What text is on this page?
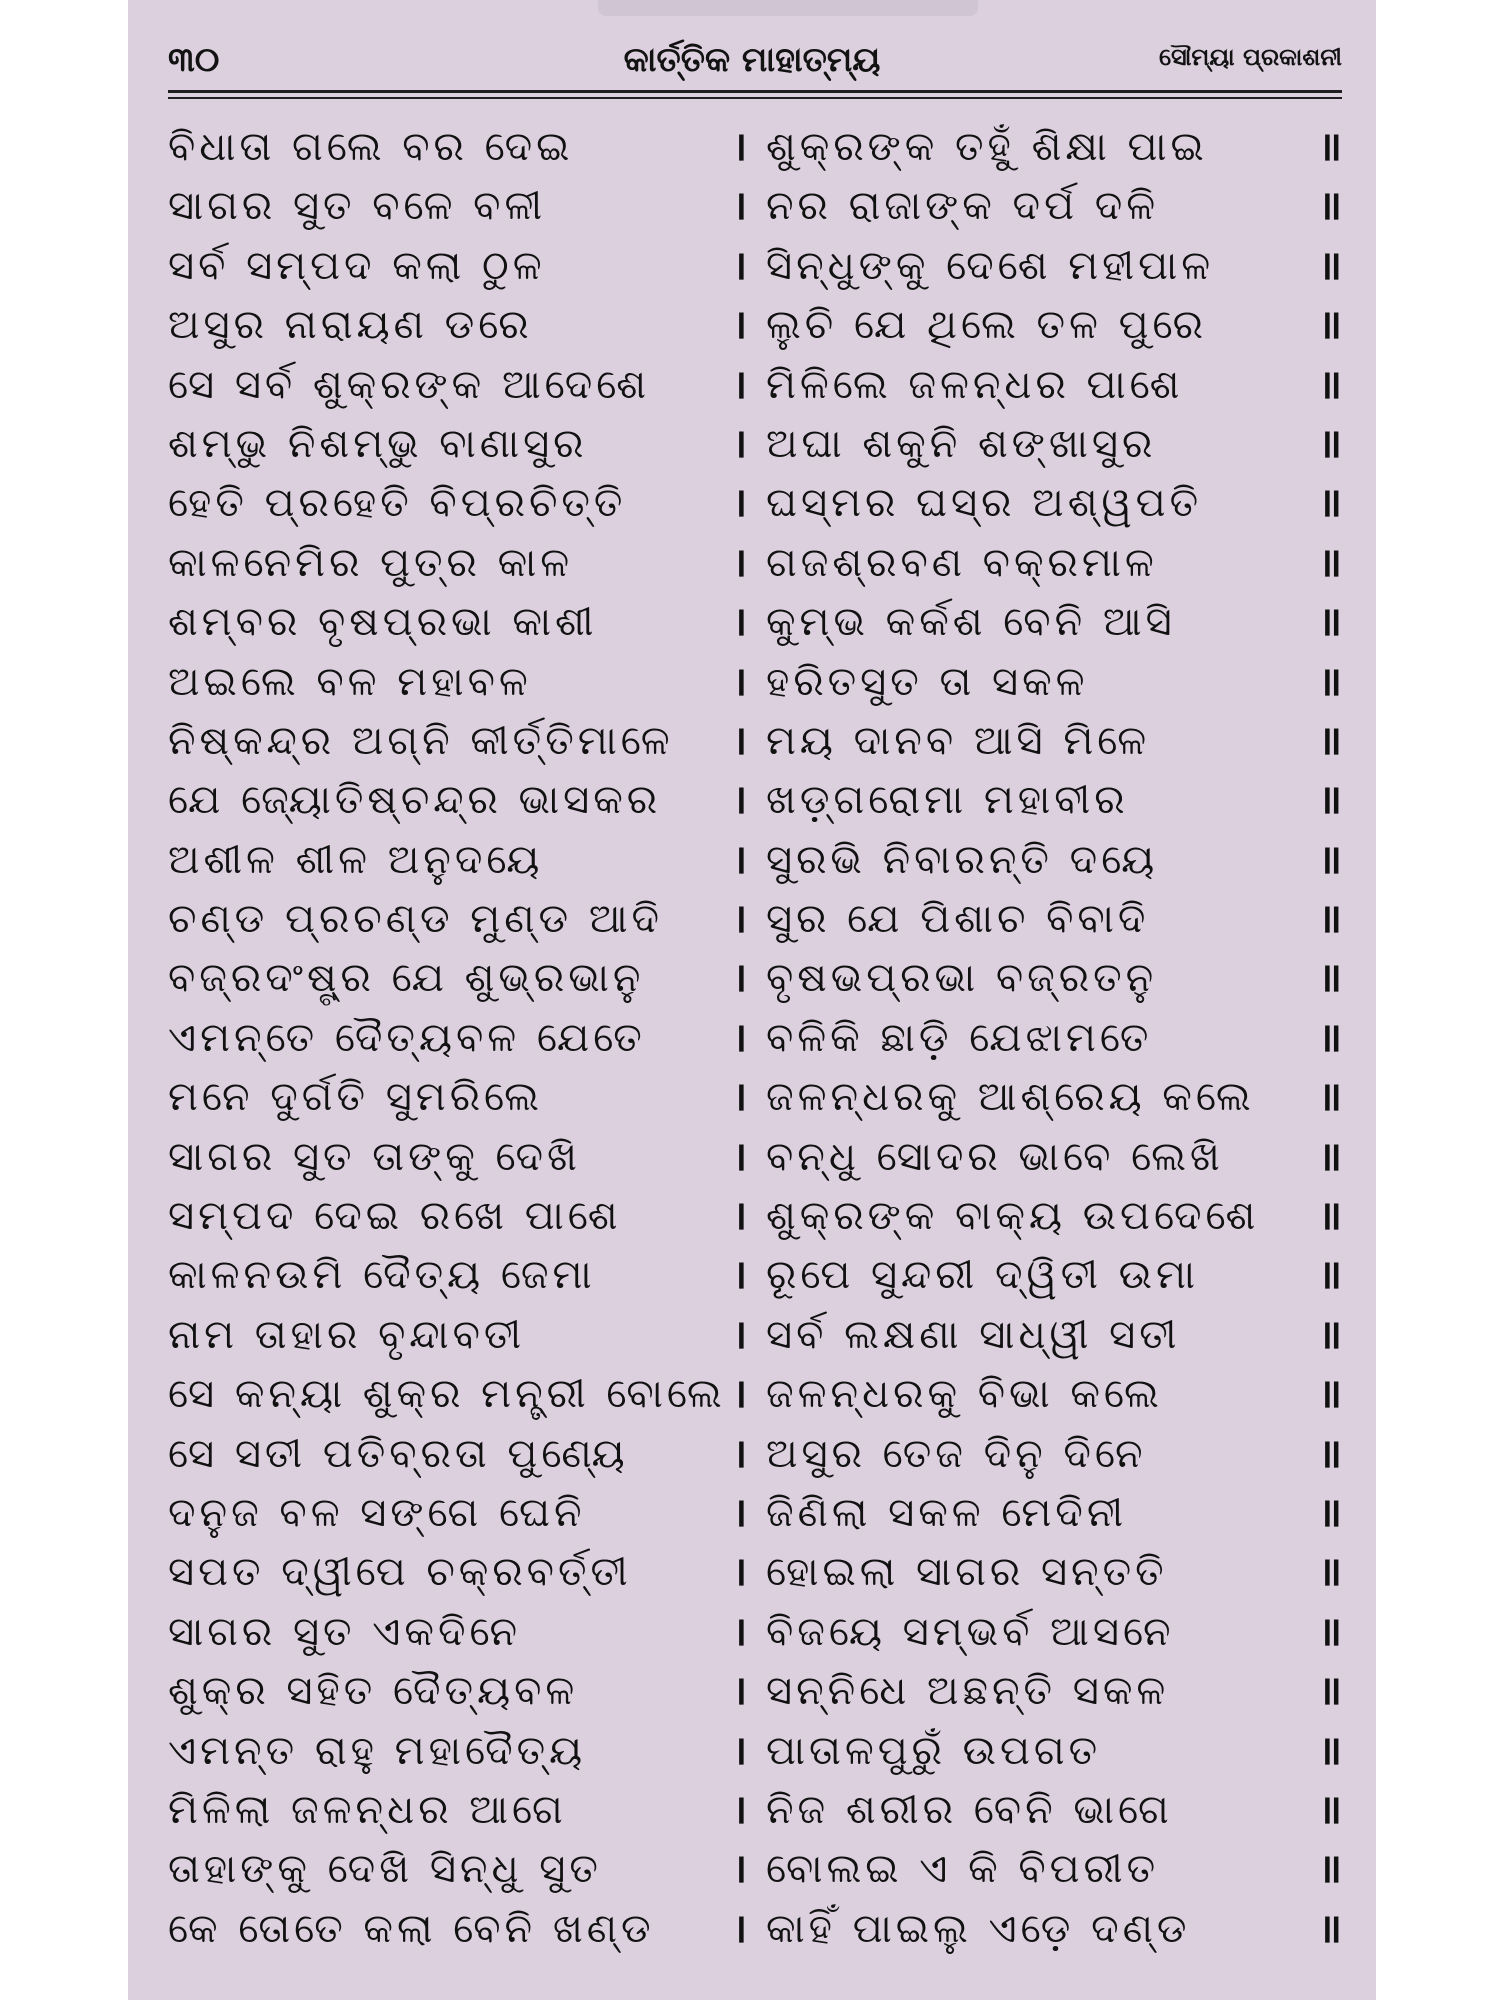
୩୦	କାର୍ତ୍ତିକ ମାହାତ୍ମ୍ୟ	ସୌମ୍ୟା ପ୍ରକାଶନୀ
ବିଧାତା ଗଲେ ବର ଦେଇ	। ଶୁକ୍ରଙ୍କ ତହୁଁ ଶିକ୍ଷା ପାଇ	॥
ସାଗର ସୁତ ବଳେ ବଳୀ	। ନର ରାଜାଙ୍କ ଦର୍ପ ଦଳି	॥
ସର୍ବ ସମ୍ପଦ କଲା ଠୁଳ	। ସିନ୍ଧୁଙ୍କୁ ଦେଶେ ମହୀପାଳ	॥
ଅସୁର ନାରାୟଣ ଡରେ	। ଲୁଚି ଯେ ଥିଲେ ତଳ ପୁରେ	॥
ସେ ସର୍ବ ଶୁକ୍ରଙ୍କ ଆଦେଶେ	। ମିଳିଲେ ଜଳନ୍ଧର ପାଶେ	॥
ଶମ୍ଭୁ ନିଶମ୍ଭୁ ବାଣାସୁର	। ଅଘା ଶକୁନି ଶଙ୍ଖାସୁର	॥
ହେତି ପ୍ରହେତି ବିପ୍ରଚିତ୍ତି	। ଘସ୍ମର ଘସ୍ର ଅଶ୍ୱପତି	॥
କାଳନେମିର ପୁତ୍ର କାଳ	। ଗଜଶ୍ରବଣ ବକ୍ରମାଳ	॥
ଶମ୍ବର ବୃଷପ୍ରଭା କାଶୀ	। କୁମ୍ଭ କର୍କଶ ବେନି ଆସି	॥
ଅଇଲେ ବଳ ମହାବଳ	। ହରିତସୁତ ତା ସକଳ	॥
ନିଷ୍କନ୍ଦ୍ର ଅଗ୍ନି କୀର୍ତ୍ତିମାଳେ	। ମୟ ଦାନବ ଆସି ମିଳେ	॥
ଯେ ଜ୍ୟୋତିଷ୍ଚନ୍ଦ୍ର ଭାସକର	। ଖଡ଼୍‌ଗରୋମା ମହାବୀର	॥
ଅଶୀଳ ଶୀଳ ଅନୁଦୟେ	। ସୁରଭି ନିବାରନ୍ତି ଦୟେ	॥
ଚଣ୍ଡ ପ୍ରଚଣ୍ଡ ମୁଣ୍ଡ ଆଦି	। ସୁର ଯେ ପିଶାଚ ବିବାଦି	॥
ବଜ୍ରଦଂଷ୍ଟ୍ର ଯେ ଶୁଭ୍ରଭାନୁ	। ବୃଷଭପ୍ରଭା ବଜ୍ରତନୁ	॥
ଏମନ୍ତେ ଦୈତ୍ୟବଳ ଯେତେ	। ବଳିକି ଛାଡ଼ି ଯେଝାମତେ	॥
ମନେ ଦୁର୍ଗତି ସୁମରିଲେ	। ଜଳନ୍ଧରକୁ ଆଶ୍ରେୟ କଲେ	॥
ସାଗର ସୁତ ତାଙ୍କୁ ଦେଖି	। ବନ୍ଧୁ ସୋଦର ଭାବେ ଲେଖି	॥
ସମ୍ପଦ ଦେଇ ରଖେ ପାଶେ	। ଶୁକ୍ରଙ୍କ ବାକ୍ୟ ଉପଦେଶେ	॥
କାଳନଉମି ଦୈତ୍ୟ ଜେମା	। ରୂପେ ସୁନ୍ଦରୀ ଦ୍ୱିତୀ ଉମା	॥
ନାମ ତାହାର ବୃନ୍ଦାବତୀ	। ସର୍ବ ଲକ୍ଷଣା ସାଧ୍ୱୀ ସତୀ	॥
ସେ କନ୍ୟା ଶୁକ୍ର ମନ୍ତ୍ରୀ ବୋଲେ । ଜଳନ୍ଧରକୁ ବିଭା କଲେ	॥
ସେ ସତୀ ପତିବ୍ରତା ପୁଣ୍ୟେ	। ଅସୁର ତେଜ ଦିନୁ ଦିନେ	॥
ଦନୁଜ ବଳ ସଙ୍ଗେ ଘେନି	। ଜିଣିଲା ସକଳ ମେଦିନୀ	॥
ସପତ ଦ୍ୱୀପେ ଚକ୍ରବର୍ତ୍ତୀ	। ହୋଇଲା ସାଗର ସନ୍ତତି	॥
ସାଗର ସୁତ ଏକଦିନେ	। ବିଜୟେ ସମ୍ଭର୍ବ ଆସନେ	॥
ଶୁକ୍ର ସହିତ ଦୈତ୍ୟବଳ	। ସନ୍ନିଧେ ଅଛନ୍ତି ସକଳ	॥
ଏମନ୍ତ ରାହୁ ମହାଦୈତ୍ୟ	। ପାତାଳପୁରୁଁ ଉପଗତ	॥
ମିଳିଲା ଜଳନ୍ଧର ଆଗେ	। ନିଜ ଶରୀର ବେନି ଭାଗେ	॥
ତାହାଙ୍କୁ ଦେଖି ସିନ୍ଧୁ ସୁତ	। ବୋଲଇ ଏ କି ବିପରୀତ	॥
କେ ତୋତେ କଲା ବେନି ଖଣ୍ଡ	। କାହିଁ ପାଇଲୁ ଏଡ଼େ ଦଣ୍ଡ	॥
